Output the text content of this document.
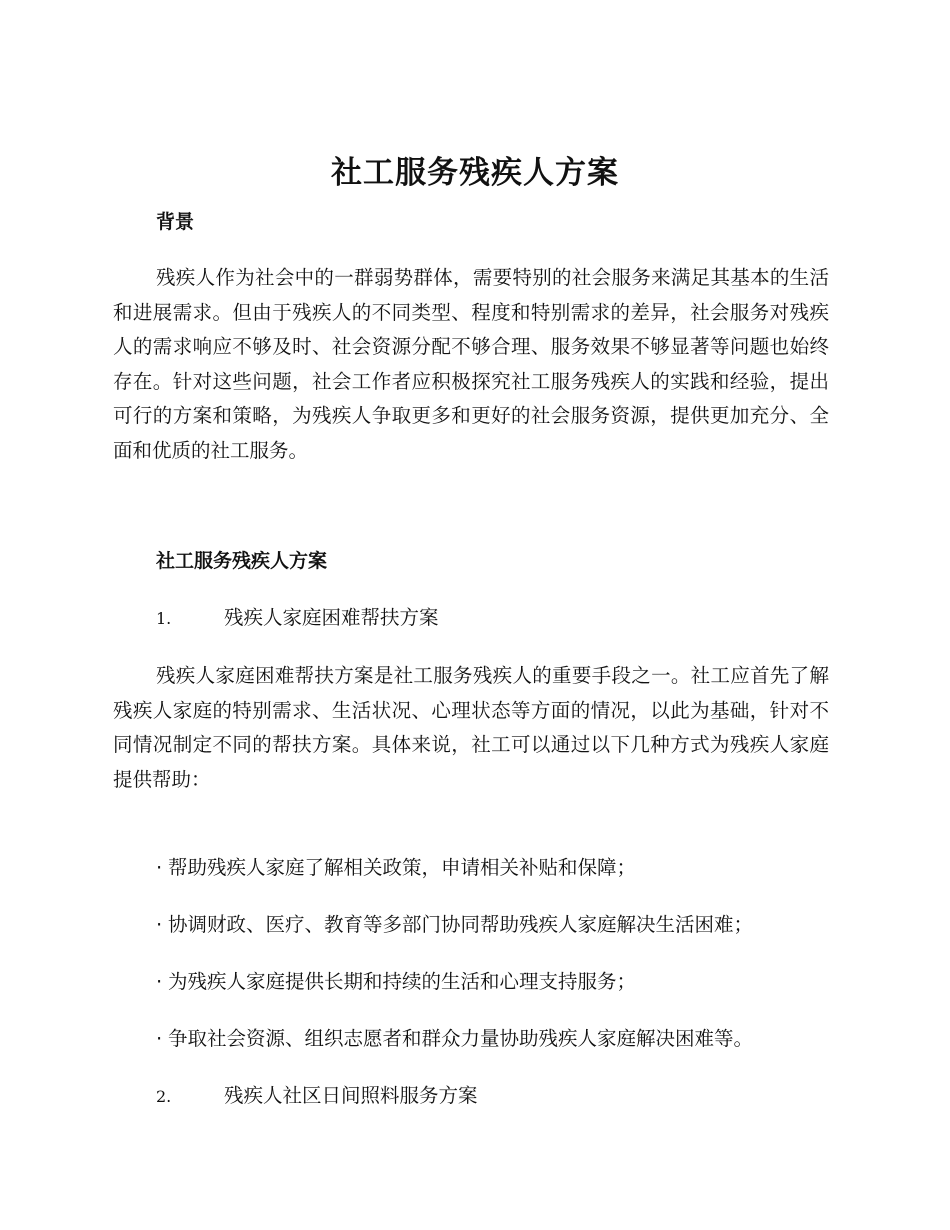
社工服务残疾人方案
背景

残疾人作为社会中的一群弱势群体，需要特别的社会服务来满足其基本的生活和进展需求。但由于残疾人的不同类型、程度和特别需求的差异，社会服务对残疾人的需求响应不够及时、社会资源分配不够合理、服务效果不够显著等问题也始终存在。针对这些问题，社会工作者应积极探究社工服务残疾人的实践和经验，提出可行的方案和策略，为残疾人争取更多和更好的社会服务资源，提供更加充分、全面和优质的社工服务。

社工服务残疾人方案
1.	残疾人家庭困难帮扶方案

残疾人家庭困难帮扶方案是社工服务残疾人的重要手段之一。社工应首先了解残疾人家庭的特别需求、生活状况、心理状态等方面的情况，以此为基础，针对不同情况制定不同的帮扶方案。具体来说，社工可以通过以下几种方式为残疾人家庭提供帮助：

· 帮助残疾人家庭了解相关政策，申请相关补贴和保障；
· 协调财政、医疗、教育等多部门协同帮助残疾人家庭解决生活困难；
· 为残疾人家庭提供长期和持续的生活和心理支持服务；
· 争取社会资源、组织志愿者和群众力量协助残疾人家庭解决困难等。
2.	残疾人社区日间照料服务方案
